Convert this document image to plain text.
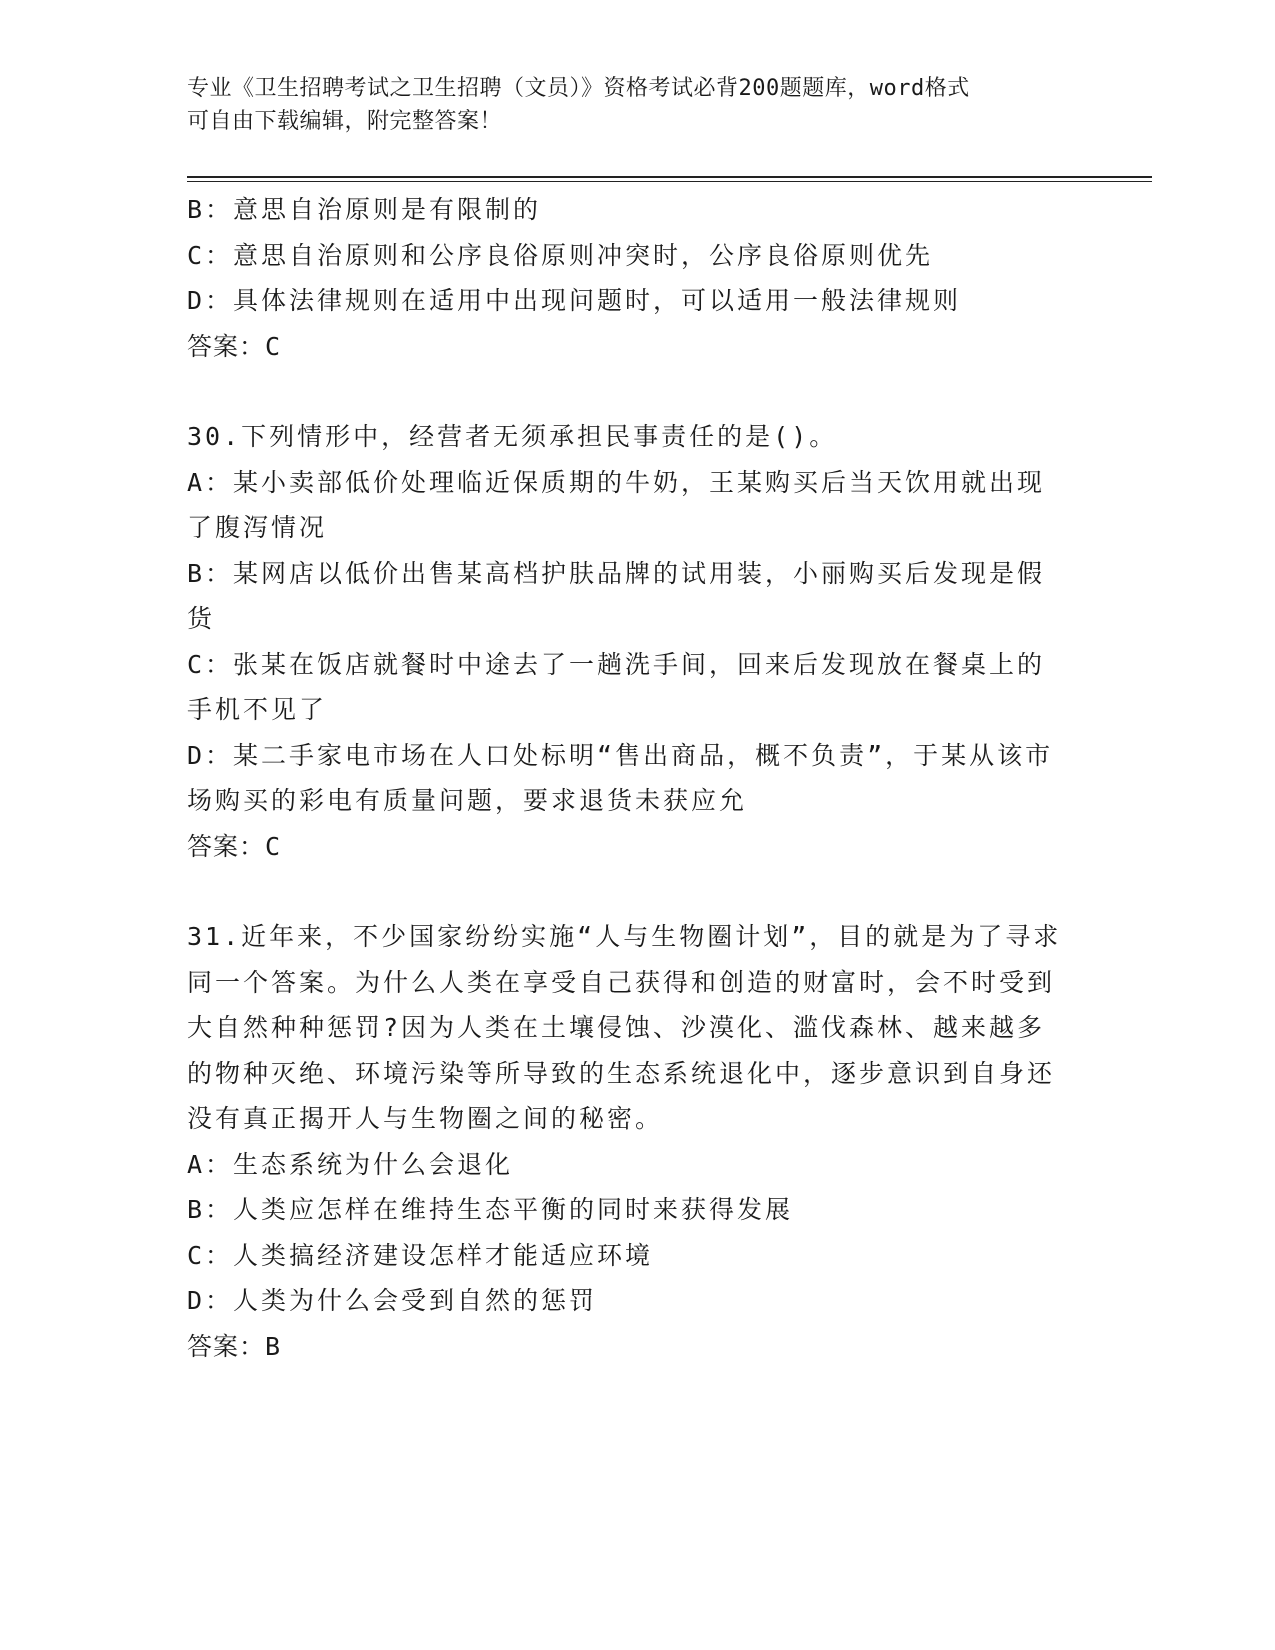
专业《卫生招聘考试之卫生招聘（文员）》资格考试必背200题题库，word格式
可自由下载编辑，附完整答案！

B：意思自治原则是有限制的

C：意思自治原则和公序良俗原则冲突时，公序良俗原则优先

D：具体法律规则在适用中出现问题时，可以适用一般法律规则

答案：C

30.下列情形中，经营者无须承担民事责任的是()。

A：某小卖部低价处理临近保质期的牛奶，王某购买后当天饮用就出现了腹泻情况

B：某网店以低价出售某高档护肤品牌的试用装，小丽购买后发现是假货

C：张某在饭店就餐时中途去了一趟洗手间，回来后发现放在餐桌上的手机不见了

D：某二手家电市场在人口处标明“售出商品，概不负责”，于某从该市场购买的彩电有质量问题，要求退货未获应允

答案：C

31.近年来，不少国家纷纷实施“人与生物圈计划”，目的就是为了寻求同一个答案。为什么人类在享受自己获得和创造的财富时，会不时受到大自然种种惩罚?因为人类在土壤侵蚀、沙漠化、滥伐森林、越来越多的物种灭绝、环境污染等所导致的生态系统退化中，逐步意识到自身还没有真正揭开人与生物圈之间的秘密。

A：生态系统为什么会退化

B：人类应怎样在维持生态平衡的同时来获得发展

C：人类搞经济建设怎样才能适应环境

D：人类为什么会受到自然的惩罚

答案：B
